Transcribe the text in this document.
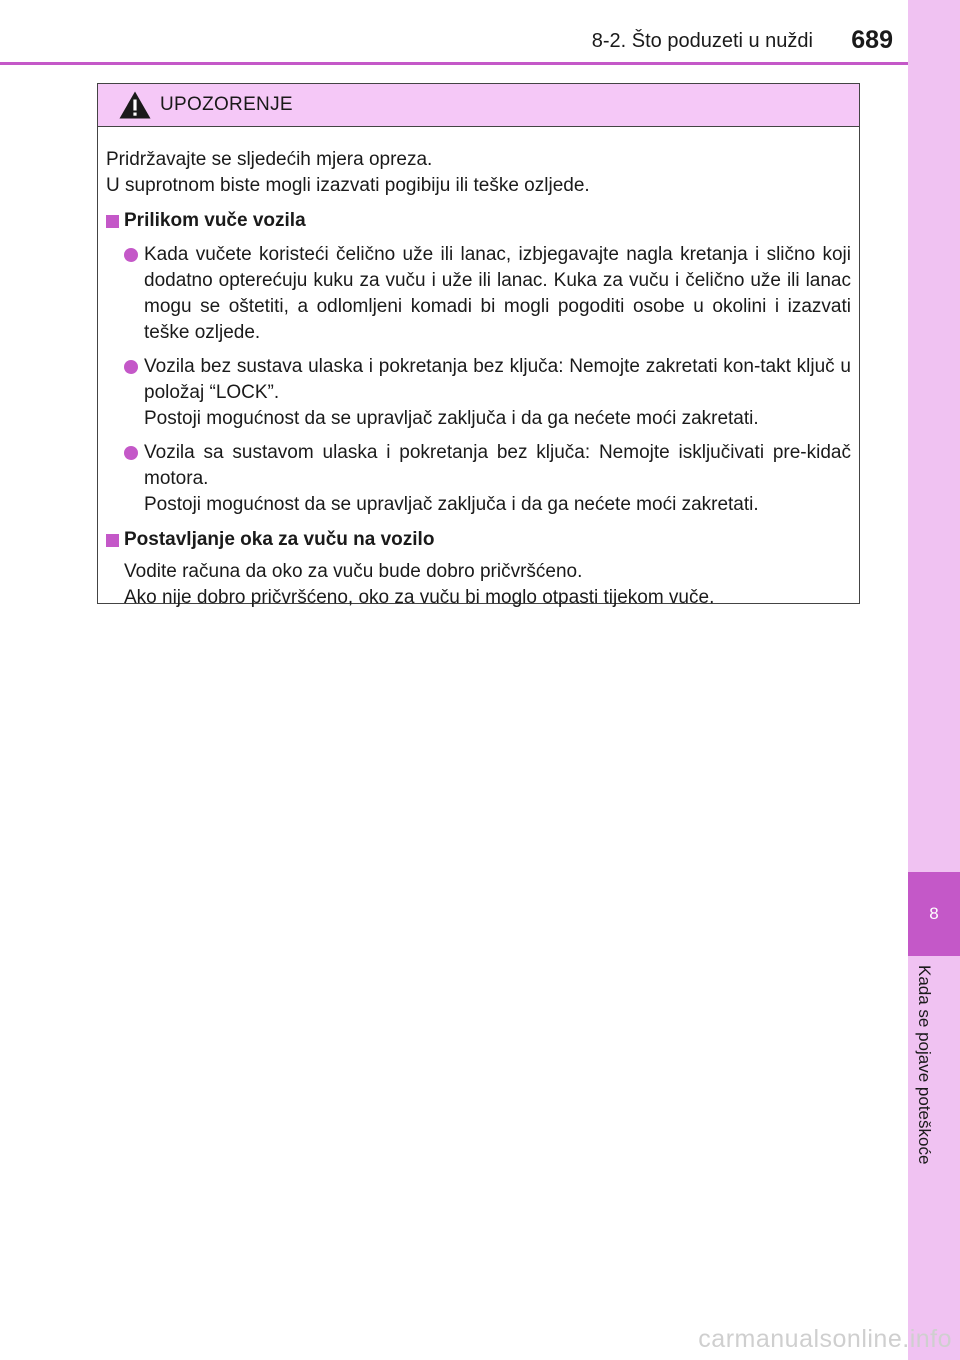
8
Kada se pojave poteškoće
8-2. Što poduzeti u nuždi 689
UPOZORENJE

Pridržavajte se sljedećih mjera opreza.

U suprotnom biste mogli izazvati pogibiju ili teške ozljede.

Prilikom vuče vozila

Kada vučete koristeći čelično uže ili lanac, izbjegavajte nagla kretanja i slično koji dodatno opterećuju kuku za vuču i uže ili lanac. Kuka za vuču i čelično uže ili lanac mogu se oštetiti, a odlomljeni komadi bi mogli pogoditi osobe u okolini i izazvati teške ozljede.

Vozila bez sustava ulaska i pokretanja bez ključa: Nemojte zakretati kon-takt ključ u položaj “LOCK”.

Postoji mogućnost da se upravljač zaključa i da ga nećete moći zakretati.

Vozila sa sustavom ulaska i pokretanja bez ključa: Nemojte isključivati pre-kidač motora.

Postoji mogućnost da se upravljač zaključa i da ga nećete moći zakretati.

Postavljanje oka za vuču na vozilo

Vodite računa da oko za vuču bude dobro pričvršćeno.

Ako nije dobro pričvršćeno, oko za vuču bi moglo otpasti tijekom vuče.

carmanualsonline.info
